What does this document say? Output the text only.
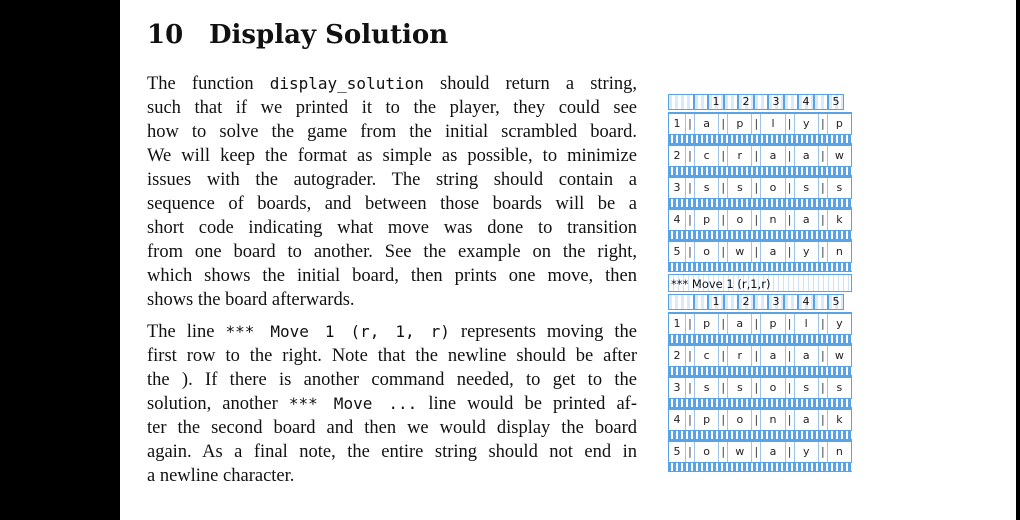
10 Display Solution
The function display_solution should return a string,
such that if we printed it to the player, they could see
how to solve the game from the initial scrambled board.
We will keep the format as simple as possible, to minimize
issues with the autograder. The string should contain a
sequence of boards, and between those boards will be a
short code indicating what move was done to transition
from one board to another. See the example on the right,
which shows the initial board, then prints one move, then
shows the board afterwards.
The line *** Move 1 (r, 1, r) represents moving the
first row to the right. Note that the newline should be after
the ). If there is another command needed, to get to the
solution, another *** Move ... line would be printed af-
ter the second board and then we would display the board
again. As a final note, the entire string should not end in
a newline character.
1	2	3	4	5
1 |	a	|	p	|	l	|	y	|	p
2 |	c	|	r	|	a	|	a	| w
3 |	s	|	s	|	o	|	s	|	s
4 |	p	|	o	|	n	|	a	|	k
5 |	o	| w |	a	|	y	|	n
*** Move 1 (r,1,r)
1	2	3	4	5
1 |	p	|	a	|	p	|	l	|	y
2 |	c	|	r	|	a	|	a	| w
3 |	s	|	s	|	o	|	s	|	s
4 |	p	|	o	|	n	|	a	|	k
5 |	o	| w |	a	|	y	|	n
